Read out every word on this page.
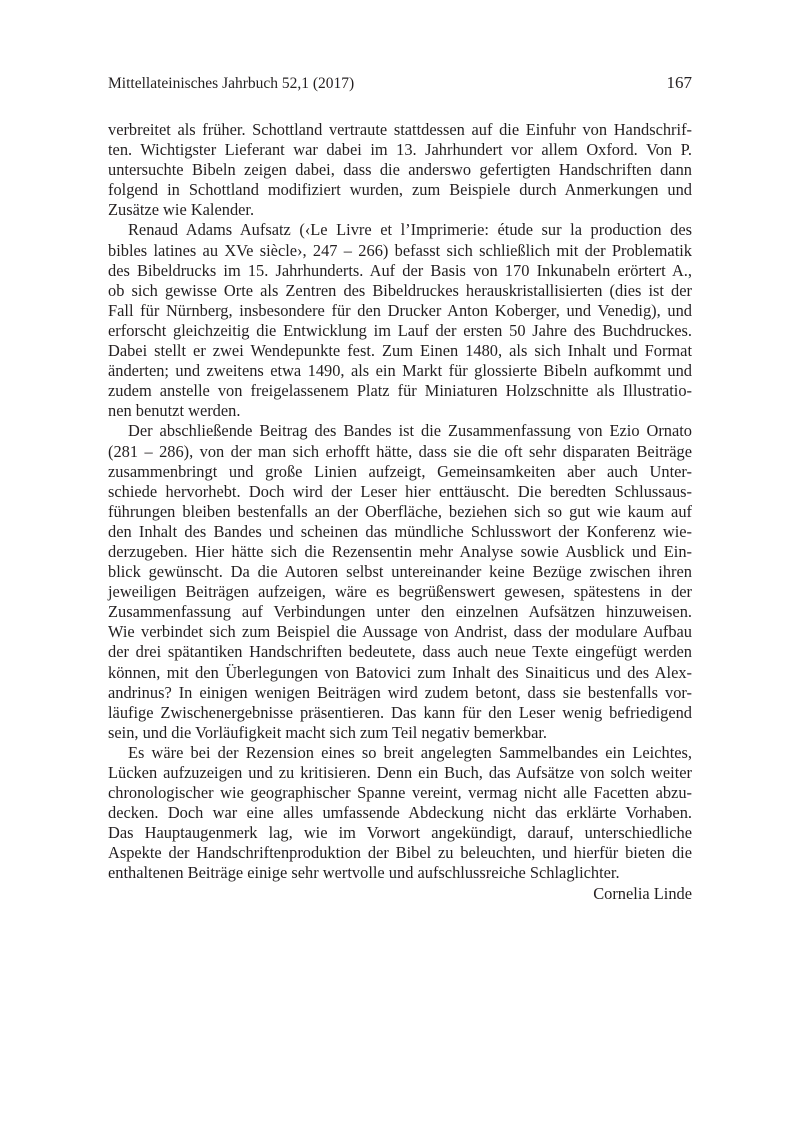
Mittellateinisches Jahrbuch 52,1 (2017)	167
verbreitet als früher. Schottland vertraute stattdessen auf die Einfuhr von Handschrif-
ten. Wichtigster Lieferant war dabei im 13. Jahrhundert vor allem Oxford. Von P.
untersuchte Bibeln zeigen dabei, dass die anderswo gefertigten Handschriften dann
folgend in Schottland modifiziert wurden, zum Beispiele durch Anmerkungen und
Zusätze wie Kalender.
Renaud Adams Aufsatz (‹Le Livre et l’Imprimerie: étude sur la production des
bibles latines au XVe siècle›, 247 – 266) befasst sich schließlich mit der Problematik
des Bibeldrucks im 15. Jahrhunderts. Auf der Basis von 170 Inkunabeln erörtert A.,
ob sich gewisse Orte als Zentren des Bibeldruckes herauskristallisierten (dies ist der
Fall für Nürnberg, insbesondere für den Drucker Anton Koberger, und Venedig), und
erforscht gleichzeitig die Entwicklung im Lauf der ersten 50 Jahre des Buchdruckes.
Dabei stellt er zwei Wendepunkte fest. Zum Einen 1480, als sich Inhalt und Format
änderten; und zweitens etwa 1490, als ein Markt für glossierte Bibeln aufkommt und
zudem anstelle von freigelassenem Platz für Miniaturen Holzschnitte als Illustratio-
nen benutzt werden.
Der abschließende Beitrag des Bandes ist die Zusammenfassung von Ezio Ornato
(281 – 286), von der man sich erhofft hätte, dass sie die oft sehr disparaten Beiträge
zusammenbringt und große Linien aufzeigt, Gemeinsamkeiten aber auch Unter-
schiede hervorhebt. Doch wird der Leser hier enttäuscht. Die beredten Schlussaus-
führungen bleiben bestenfalls an der Oberfläche, beziehen sich so gut wie kaum auf
den Inhalt des Bandes und scheinen das mündliche Schlusswort der Konferenz wie-
derzugeben. Hier hätte sich die Rezensentin mehr Analyse sowie Ausblick und Ein-
blick gewünscht. Da die Autoren selbst untereinander keine Bezüge zwischen ihren
jeweiligen Beiträgen aufzeigen, wäre es begrüßenswert gewesen, spätestens in der
Zusammenfassung auf Verbindungen unter den einzelnen Aufsätzen hinzuweisen.
Wie verbindet sich zum Beispiel die Aussage von Andrist, dass der modulare Aufbau
der drei spätantiken Handschriften bedeutete, dass auch neue Texte eingefügt werden
können, mit den Überlegungen von Batovici zum Inhalt des Sinaiticus und des Alex-
andrinus? In einigen wenigen Beiträgen wird zudem betont, dass sie bestenfalls vor-
läufige Zwischenergebnisse präsentieren. Das kann für den Leser wenig befriedigend
sein, und die Vorläufigkeit macht sich zum Teil negativ bemerkbar.
Es wäre bei der Rezension eines so breit angelegten Sammelbandes ein Leichtes,
Lücken aufzuzeigen und zu kritisieren. Denn ein Buch, das Aufsätze von solch weiter
chronologischer wie geographischer Spanne vereint, vermag nicht alle Facetten abzu-
decken. Doch war eine alles umfassende Abdeckung nicht das erklärte Vorhaben.
Das Hauptaugenmerk lag, wie im Vorwort angekündigt, darauf, unterschiedliche
Aspekte der Handschriftenproduktion der Bibel zu beleuchten, und hierfür bieten die
enthaltenen Beiträge einige sehr wertvolle und aufschlussreiche Schlaglichter.
Cornelia Linde
